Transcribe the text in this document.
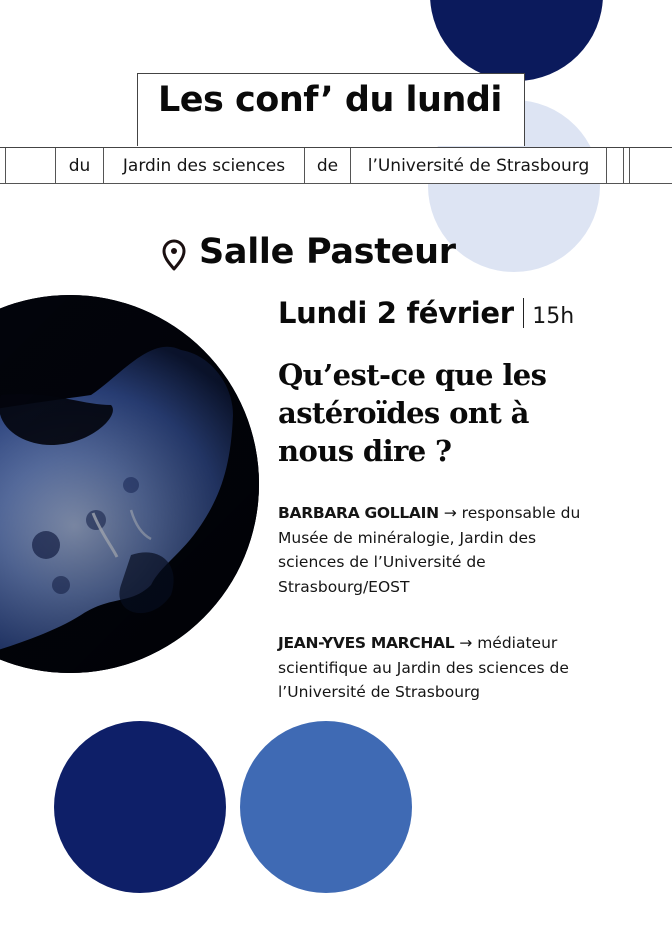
du	Jardin des sciences	de	l’Université de Strasbourg
Les conf’ du lundi
Salle Pasteur
Lundi 2 février 15h
Qu’est-ce que les astéroïdes ont à nous dire ?
BARBARA GOLLAIN → responsable du Musée de minéralogie, Jardin des sciences de l’Université de Strasbourg/EOST
JEAN-YVES MARCHAL → médiateur scientifique au Jardin des sciences de l’Université de Strasbourg
